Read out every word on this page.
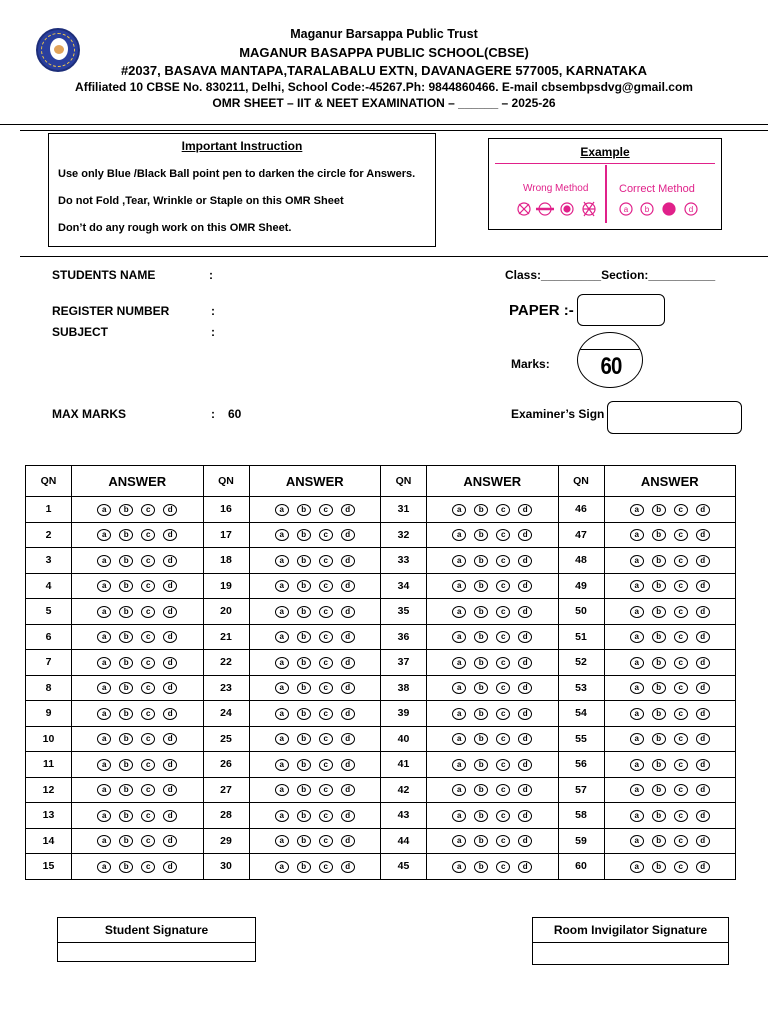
Maganur Barsappa Public Trust
MAGANUR BASAPPA PUBLIC SCHOOL(CBSE)
#2037, BASAVA MANTAPA,TARALABALU EXTN, DAVANAGERE 577005, KARNATAKA
Affiliated 10 CBSE No. 830211, Delhi, School Code:-45267.Ph: 9844860466. E-mail cbsembpsdvg@gmail.com
OMR SHEET – IIT & NEET EXAMINATION – ______ – 2025-26
Important Instruction
Use only Blue /Black Ball point pen to darken the circle for Answers.
Do not Fold ,Tear, Wrinkle or Staple on this OMR Sheet
Don’t do any rough work on this OMR Sheet.
Example
Wrong Method	Correct Method
a b	d
STUDENTS NAME	:
REGISTER NUMBER	:
SUBJECT	:
MAX MARKS	: 60
Class:_________Section:__________
PAPER :-
Marks:	60
Examiner’s Sign
QN	ANSWER	QN	ANSWER	QN	ANSWER	QN	ANSWER
1	a b c d	16	a b c d	31	a b c d	46	a b c d
2	a b c d	17	a b c d	32	a b c d	47	a b c d
3	a b c d	18	a b c d	33	a b c d	48	a b c d
4	a b c d	19	a b c d	34	a b c d	49	a b c d
5	a b c d	20	a b c d	35	a b c d	50	a b c d
6	a b c d	21	a b c d	36	a b c d	51	a b c d
7	a b c d	22	a b c d	37	a b c d	52	a b c d
8	a b c d	23	a b c d	38	a b c d	53	a b c d
9	a b c d	24	a b c d	39	a b c d	54	a b c d
10	a b c d	25	a b c d	40	a b c d	55	a b c d
11	a b c d	26	a b c d	41	a b c d	56	a b c d
12	a b c d	27	a b c d	42	a b c d	57	a b c d
13	a b c d	28	a b c d	43	a b c d	58	a b c d
14	a b c d	29	a b c d	44	a b c d	59	a b c d
15	a b c d	30	a b c d	45	a b c d	60	a b c d
Student Signature	Room Invigilator Signature
